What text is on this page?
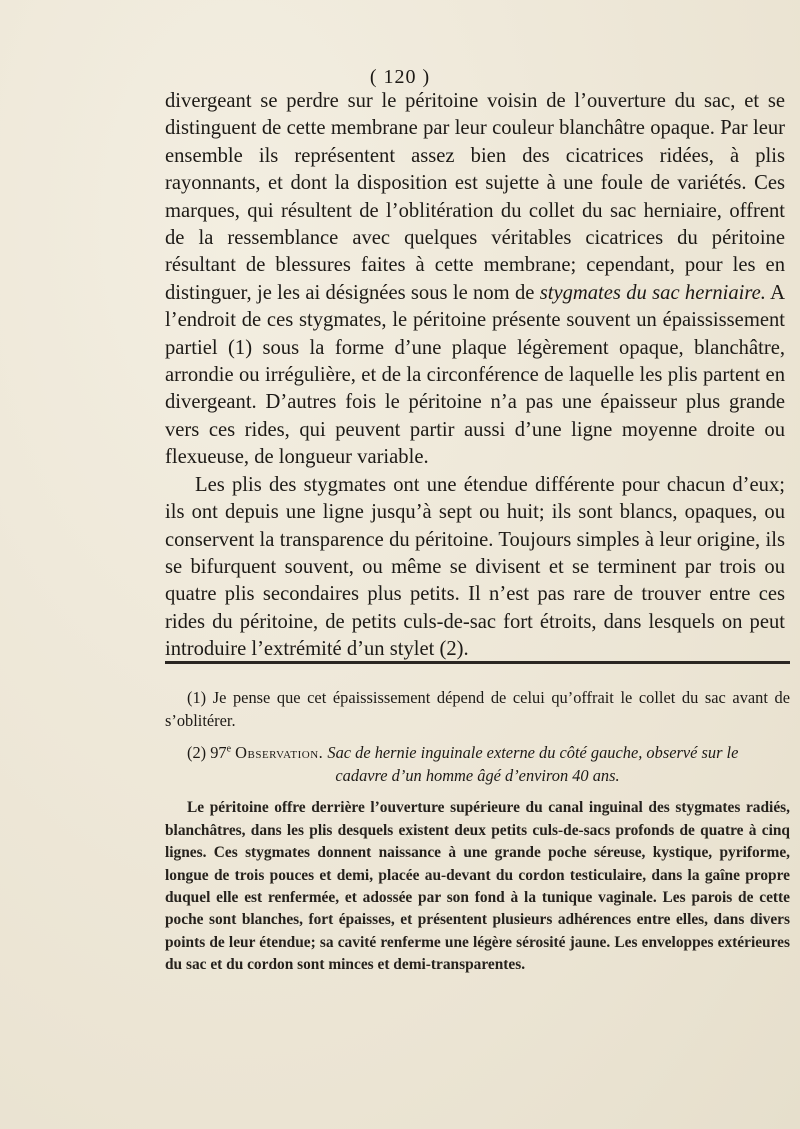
( 120 )

divergeant se perdre sur le péritoine voisin de l’ouverture du sac, et se distinguent de cette membrane par leur couleur blanchâtre opaque. Par leur ensemble ils représentent assez bien des cicatrices ridées, à plis rayonnants, et dont la disposition est sujette à une foule de variétés. Ces marques, qui résultent de l’oblitération du collet du sac herniaire, offrent de la ressemblance avec quelques véritables cicatrices du péritoine résultant de blessures faites à cette membrane; cependant, pour les en distinguer, je les ai désignées sous le nom de stygmates du sac herniaire. A l’endroit de ces stygmates, le péritoine présente souvent un épaississement partiel (1) sous la forme d’une plaque légèrement opaque, blanchâtre, arrondie ou irrégulière, et de la circonférence de laquelle les plis partent en divergeant. D’autres fois le péritoine n’a pas une épaisseur plus grande vers ces rides, qui peuvent partir aussi d’une ligne moyenne droite ou flexueuse, de longueur variable.

Les plis des stygmates ont une étendue différente pour chacun d’eux; ils ont depuis une ligne jusqu’à sept ou huit; ils sont blancs, opaques, ou conservent la transparence du péritoine. Toujours simples à leur origine, ils se bifurquent souvent, ou même se divisent et se terminent par trois ou quatre plis secondaires plus petits. Il n’est pas rare de trouver entre ces rides du péritoine, de petits culs-de-sac fort étroits, dans lesquels on peut introduire l’extrémité d’un stylet (2).

(1) Je pense que cet épaississement dépend de celui qu’offrait le collet du sac avant de s’oblitérer.

(2) 97e Observation. Sac de hernie inguinale externe du côté gauche, observé sur le

cadavre d’un homme âgé d’environ 40 ans.

Le péritoine offre derrière l’ouverture supérieure du canal inguinal des stygmates radiés, blanchâtres, dans les plis desquels existent deux petits culs-de-sacs profonds de quatre à cinq lignes. Ces stygmates donnent naissance à une grande poche séreuse, kystique, pyriforme, longue de trois pouces et demi, placée au-devant du cordon testiculaire, dans la gaîne propre duquel elle est renfermée, et adossée par son fond à la tunique vaginale. Les parois de cette poche sont blanches, fort épaisses, et présentent plusieurs adhérences entre elles, dans divers points de leur étendue; sa cavité renferme une légère sérosité jaune. Les enveloppes extérieures du sac et du cordon sont minces et demi-transparentes.
